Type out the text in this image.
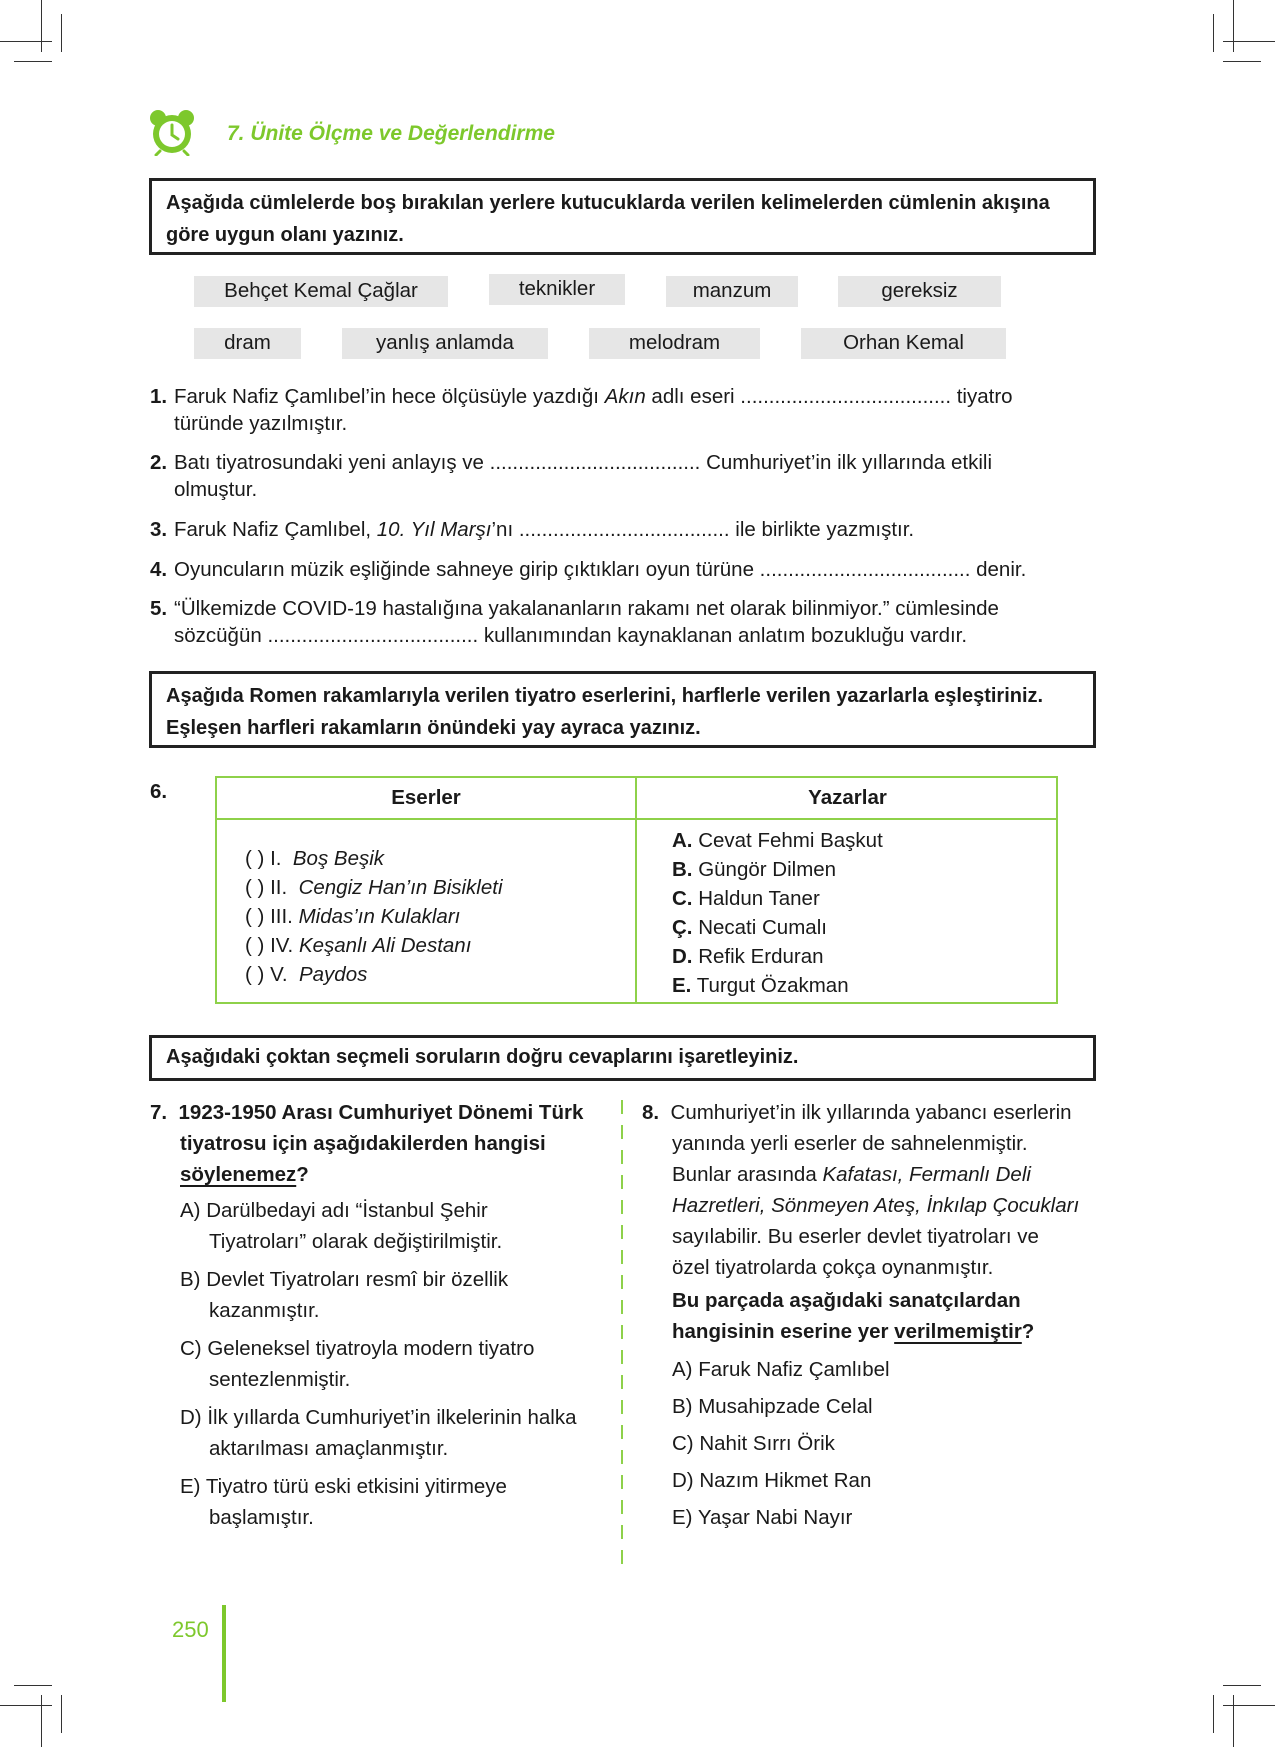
7. Ünite Ölçme ve Değerlendirme
Aşağıda cümlelerde boş bırakılan yerlere kutucuklarda verilen kelimelerden cümlenin akışına göre uygun olanı yazınız.
Behçet Kemal Çağlar	teknikler	manzum	gereksiz
dram	yanlış anlamda	melodram	Orhan Kemal
1. Faruk Nafiz Çamlıbel’in hece ölçüsüyle yazdığı Akın adlı eseri ..................................... tiyatro
türünde yazılmıştır.
2. Batı tiyatrosundaki yeni anlayış ve ..................................... Cumhuriyet’in ilk yıllarında etkili
olmuştur.
3. Faruk Nafiz Çamlıbel, 10. Yıl Marşı’nı ..................................... ile birlikte yazmıştır.
4. Oyuncuların müzik eşliğinde sahneye girip çıktıkları oyun türüne ..................................... denir.
5. “Ülkemizde COVID-19 hastalığına yakalananların rakamı net olarak bilinmiyor.” cümlesinde
sözcüğün ..................................... kullanımından kaynaklanan anlatım bozukluğu vardır.
Aşağıda Romen rakamlarıyla verilen tiyatro eserlerini, harflerle verilen yazarlarla eşleştiriniz. Eşleşen harfleri rakamların önündeki yay ayraca yazınız.
6.	Eserler	Yazarlar
( ) I. Boş Beşik
( ) II. Cengiz Han’ın Bisikleti
( ) III. Midas’ın Kulakları
( ) IV. Keşanlı Ali Destanı
( ) V. Paydos
A. Cevat Fehmi Başkut
B. Güngör Dilmen
C. Haldun Taner
Ç. Necati Cumalı
D. Refik Erduran
E. Turgut Özakman
Aşağıdaki çoktan seçmeli soruların doğru cevaplarını işaretleyiniz.
7. 1923-1950 Arası Cumhuriyet Dönemi Türk
tiyatrosu için aşağıdakilerden hangisi
söylenemez?
A) Darülbedayi adı “İstanbul Şehir
Tiyatroları” olarak değiştirilmiştir.
B) Devlet Tiyatroları resmî bir özellik
kazanmıştır.
C) Geleneksel tiyatroyla modern tiyatro
sentezlenmiştir.
D) İlk yıllarda Cumhuriyet’in ilkelerinin halka
aktarılması amaçlanmıştır.
E) Tiyatro türü eski etkisini yitirmeye
başlamıştır.
8. Cumhuriyet’in ilk yıllarında yabancı eserlerin
yanında yerli eserler de sahnelenmiştir.
Bunlar arasında Kafatası, Fermanlı Deli
Hazretleri, Sönmeyen Ateş, İnkılap Çocukları
sayılabilir. Bu eserler devlet tiyatroları ve
özel tiyatrolarda çokça oynanmıştır.
Bu parçada aşağıdaki sanatçılardan
hangisinin eserine yer verilmemiştir?
A) Faruk Nafiz Çamlıbel
B) Musahipzade Celal
C) Nahit Sırrı Örik
D) Nazım Hikmet Ran
E) Yaşar Nabi Nayır
250
